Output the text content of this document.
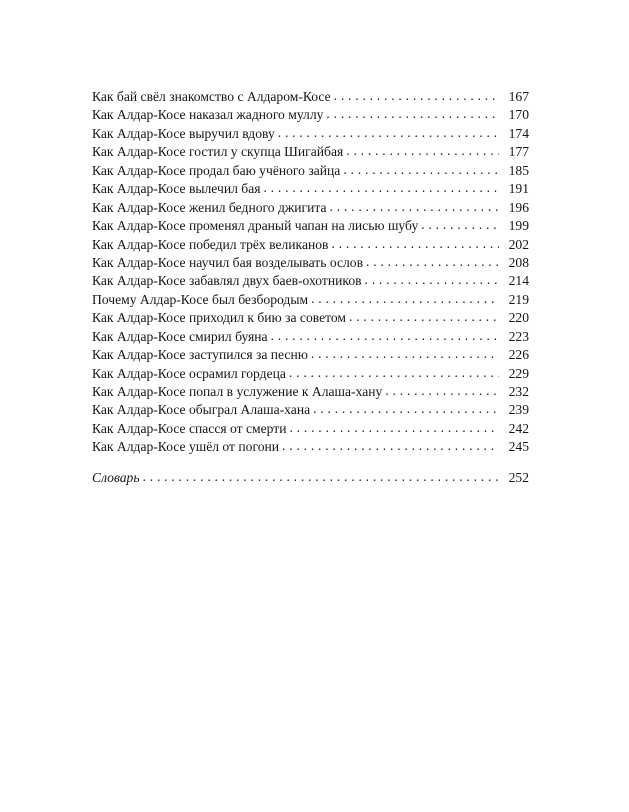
Как бай свёл знакомство с Алдаром-Косе . . .	167
Как Алдар-Косе наказал жадного муллу . . .	170
Как Алдар-Косе выручил вдову . . .	174
Как Алдар-Косе гостил у скупца Шигайбая . . .	177
Как Алдар-Косе продал баю учёного зайца . . .	185
Как Алдар-Косе вылечил бая . . .	191
Как Алдар-Косе женил бедного джигита . . .	196
Как Алдар-Косе променял драный чапан на лисью шубу . . .	199
Как Алдар-Косе победил трёх великанов . . .	202
Как Алдар-Косе научил бая возделывать ослов . . .	208
Как Алдар-Косе забавлял двух баев-охотников . . .	214
Почему Алдар-Косе был безбородым . . .	219
Как Алдар-Косе приходил к бию за советом . . .	220
Как Алдар-Косе смирил буяна . . .	223
Как Алдар-Косе заступился за песню . . .	226
Как Алдар-Косе осрамил гордеца . . .	229
Как Алдар-Косе попал в услужение к Алаша-хану . . .	232
Как Алдар-Косе обыграл Алаша-хана . . .	239
Как Алдар-Косе спасся от смерти . . .	242
Как Алдар-Косе ушёл от погони . . .	245
Словарь . . .	252
